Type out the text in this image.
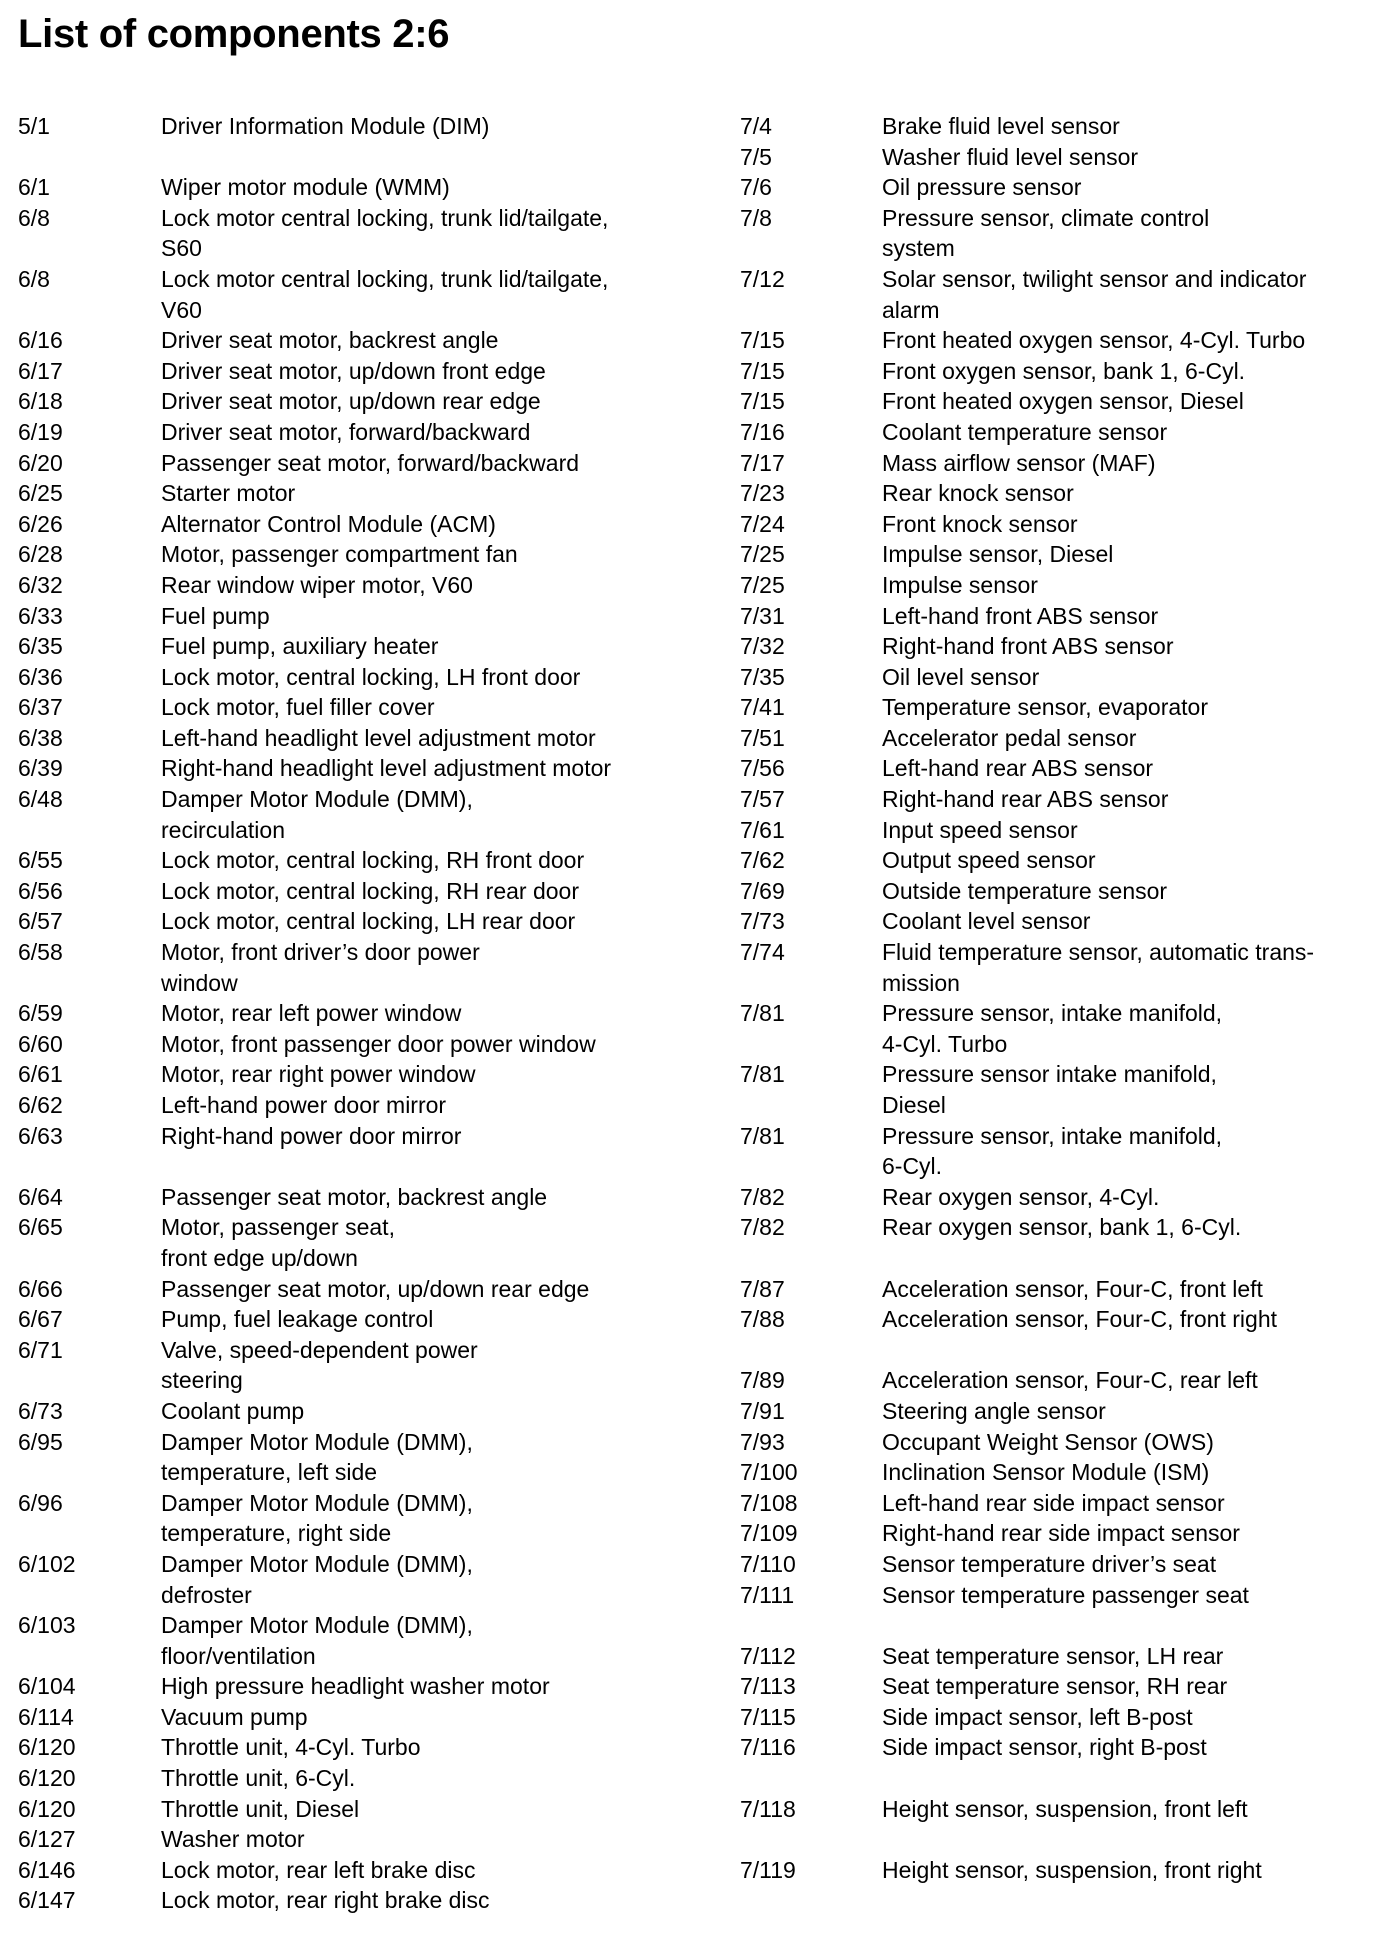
List of components 2:6
5/1	Driver Information Module (DIM)
6/1	Wiper motor module (WMM)
6/8	Lock motor central locking, trunk lid/tailgate,
S60
6/8	Lock motor central locking, trunk lid/tailgate,
V60
6/16	Driver seat motor, backrest angle
6/17	Driver seat motor, up/down front edge
6/18	Driver seat motor, up/down rear edge
6/19	Driver seat motor, forward/backward
6/20	Passenger seat motor, forward/backward
6/25	Starter motor
6/26	Alternator Control Module (ACM)
6/28	Motor, passenger compartment fan
6/32	Rear window wiper motor, V60
6/33	Fuel pump
6/35	Fuel pump, auxiliary heater
6/36	Lock motor, central locking, LH front door
6/37	Lock motor, fuel filler cover
6/38	Left-hand headlight level adjustment motor
6/39	Right-hand headlight level adjustment motor
6/48	Damper Motor Module (DMM),
recirculation
6/55	Lock motor, central locking, RH front door
6/56	Lock motor, central locking, RH rear door
6/57	Lock motor, central locking, LH rear door
6/58	Motor, front driver’s door power
window
6/59	Motor, rear left power window
6/60	Motor, front passenger door power window
6/61	Motor, rear right power window
6/62	Left-hand power door mirror
6/63	Right-hand power door mirror
6/64	Passenger seat motor, backrest angle
6/65	Motor, passenger seat,
front edge up/down
6/66	Passenger seat motor, up/down rear edge
6/67	Pump, fuel leakage control
6/71	Valve, speed-dependent power
steering
6/73	Coolant pump
6/95	Damper Motor Module (DMM),
temperature, left side
6/96	Damper Motor Module (DMM),
temperature, right side
6/102	Damper Motor Module (DMM),
defroster
6/103	Damper Motor Module (DMM),
floor/ventilation
6/104	High pressure headlight washer motor
6/114	Vacuum pump
6/120	Throttle unit, 4-Cyl. Turbo
6/120	Throttle unit, 6-Cyl.
6/120	Throttle unit, Diesel
6/127	Washer motor
6/146	Lock motor, rear left brake disc
6/147	Lock motor, rear right brake disc
7/4	Brake fluid level sensor
7/5	Washer fluid level sensor
7/6	Oil pressure sensor
7/8	Pressure sensor, climate control
system
7/12	Solar sensor, twilight sensor and indicator
alarm
7/15	Front heated oxygen sensor, 4-Cyl. Turbo
7/15	Front oxygen sensor, bank 1, 6-Cyl.
7/15	Front heated oxygen sensor, Diesel
7/16	Coolant temperature sensor
7/17	Mass airflow sensor (MAF)
7/23	Rear knock sensor
7/24	Front knock sensor
7/25	Impulse sensor, Diesel
7/25	Impulse sensor
7/31	Left-hand front ABS sensor
7/32	Right-hand front ABS sensor
7/35	Oil level sensor
7/41	Temperature sensor, evaporator
7/51	Accelerator pedal sensor
7/56	Left-hand rear ABS sensor
7/57	Right-hand rear ABS sensor
7/61	Input speed sensor
7/62	Output speed sensor
7/69	Outside temperature sensor
7/73	Coolant level sensor
7/74	Fluid temperature sensor, automatic trans-
mission
7/81	Pressure sensor, intake manifold,
4-Cyl. Turbo
7/81	Pressure sensor intake manifold,
Diesel
7/81	Pressure sensor, intake manifold,
6-Cyl.
7/82	Rear oxygen sensor, 4-Cyl.
7/82	Rear oxygen sensor, bank 1, 6-Cyl.
7/87	Acceleration sensor, Four-C, front left
7/88	Acceleration sensor, Four-C, front right
7/89	Acceleration sensor, Four-C, rear left
7/91	Steering angle sensor
7/93	Occupant Weight Sensor (OWS)
7/100	Inclination Sensor Module (ISM)
7/108	Left-hand rear side impact sensor
7/109	Right-hand rear side impact sensor
7/110	Sensor temperature driver’s seat
7/111	Sensor temperature passenger seat
7/112	Seat temperature sensor, LH rear
7/113	Seat temperature sensor, RH rear
7/115	Side impact sensor, left B-post
7/116	Side impact sensor, right B-post
7/118	Height sensor, suspension, front left
7/119	Height sensor, suspension, front right
